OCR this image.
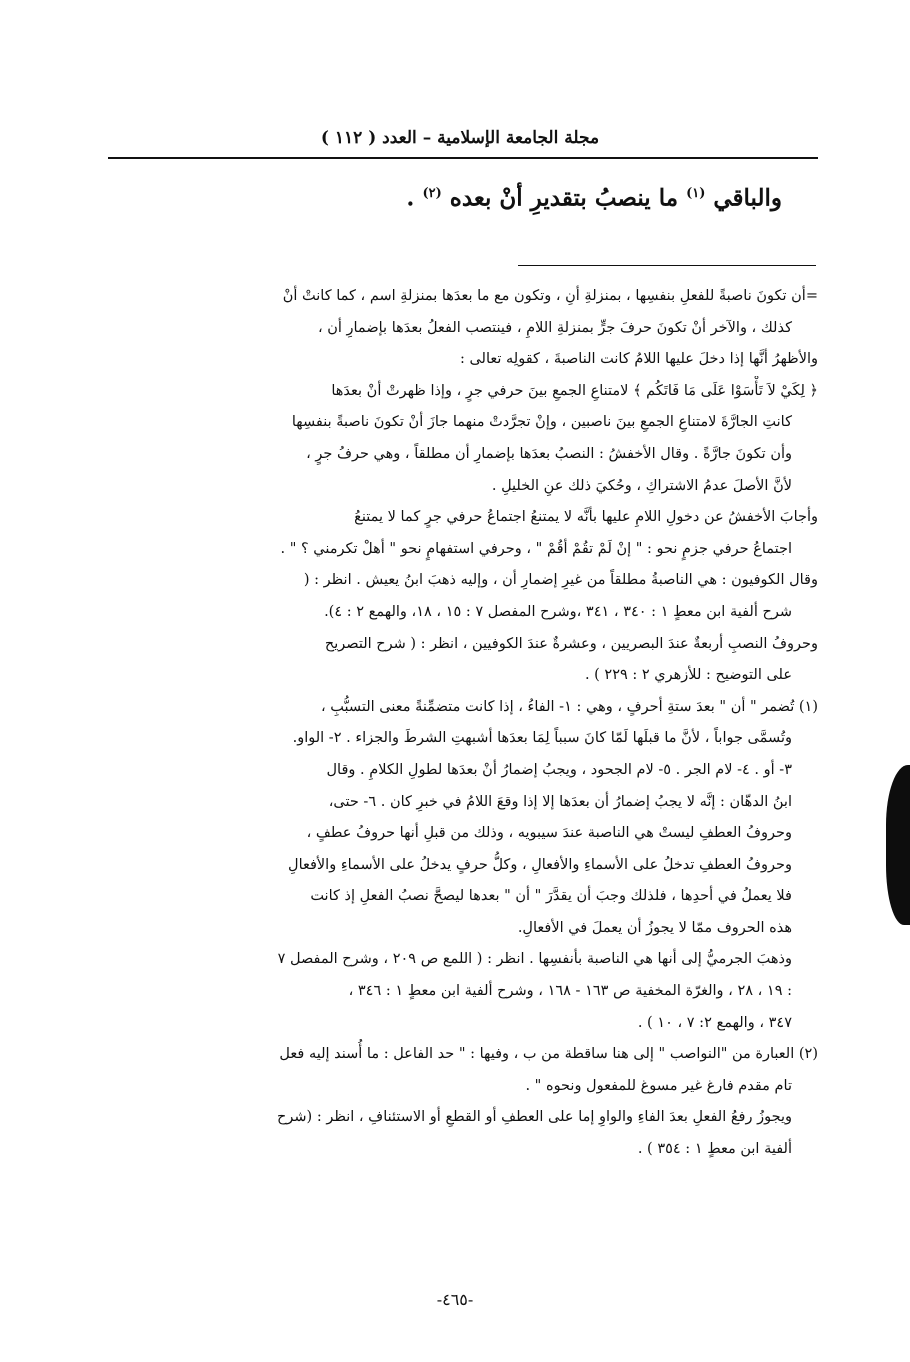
مجلة الجامعة الإسلامية – العدد ( ١١٢ )
والباقي $^{(١)}$ ما ينصبُ بتقديرِ أنْ بعده $^{(٢)}$ .
=أن تكونَ ناصبةً للفعلِ بنفسِها ، بمنزلةِ أنِ ، وتكون مع ما بعدَها بمنزلةِ اسم ، كما كانتْ أنْ
كذلك ، والآخر أنْ تكونَ حرفَ جرٍّ بمنزلةِ اللامِ ، فينتصب الفعلُ بعدَها بإضمارِ أن ،
والأظهرُ أنَّها إذا دخلَ عليها اللامُ كانت الناصبةَ ، كقولِه تعالى :
﴿ لِكَيْ لاَ تَأْسَوْا عَلَى مَا فَاتَكُم ﴾ لامتناعِ الجمعِ بينَ حرفي جرٍ ، وإذا ظهرتْ أنْ بعدَها
كانتِ الجارَّةَ لامتناعِ الجمعِ بينَ ناصبين ، وإنْ تجرَّدتْ منهما جازَ أنْ تكونَ ناصبةً بنفسِها
وأن تكونَ جارَّةً . وقال الأخفشُ : النصبُ بعدَها بإضمارِ أن مطلقاً ، وهي حرفُ جرٍ ،
لأنَّ الأصلَ عدمُ الاشتراكِ ، وحُكيَ ذلك عنِ الخليلِ .
وأجابَ الأخفشُ عن دخولِ اللامِ عليها بأنَّه لا يمتنعُ اجتماعُ حرفي جرٍ كما لا يمتنعُ
اجتماعُ حرفي جزمٍ نحو : " إنْ لَمْ تقُمْ أقُمْ " ، وحرفي استفهامٍ نحو " أهلْ تكرمني ؟ " .
وقال الكوفيون : هي الناصبةُ مطلقاً من غيرِ إضمارِ أن ، وإليه ذهبَ ابنُ يعيش . انظر : (
شرح ألفية ابن معطٍ ١ : ٣٤٠ ، ٣٤١ ،وشرح المفصل ٧ : ١٥ ، ١٨، والهمع ٢ : ٤).
وحروفُ النصبِ أربعةٌ عندَ البصريين ، وعشرةٌ عندَ الكوفيين ، انظر : ( شرح التصريح
على التوضيح : للأزهري ٢ : ٢٢٩ ) .
(١) تُضمر " أن " بعدَ ستةِ أحرفٍ ، وهي : ١- الفاءُ ، إذا كانت متضمِّنةً معنى التسبُّبِ ،
وتُسمَّى جواباً ، لأنَّ ما قبلَها لَمّا كانَ سبباً لِمَا بعدَها أشبهتِ الشرطَ والجزاء . ٢- الواو.
٣- أو . ٤- لام الجر . ٥- لام الجحود ، ويجبُ إضمارُ أنْ بعدَها لطولِ الكلامِ . وقال
ابنُ الدهّان : إنَّه لا يجبُ إضمارُ أن بعدَها إلا إذا وقعَ اللامُ في خبرِ كان . ٦- حتى،
وحروفُ العطفِ ليستْ هي الناصبة عندَ سيبويه ، وذلك من قبلِ أنها حروفُ عطفٍ ،
وحروفُ العطفِ تدخلُ على الأسماءِ والأفعالِ ، وكلُّ حرفٍ يدخلُ على الأسماءِ والأفعالِ
فلا يعملُ في أحدِها ، فلذلك وجبَ أن يقدَّرَ " أن " بعدها ليصحَّ نصبُ الفعلِ إذ كانت
هذه الحروف ممّا لا يجوزُ أن يعملَ في الأفعالِ.
وذهبَ الجرميُّ إلى أنها هي الناصبة بأنفسِها . انظر : ( اللمع ص ٢٠٩ ، وشرح المفصل ٧
: ١٩ ، ٢٨ ، والغرّة المخفية ص ١٦٣ - ١٦٨ ، وشرح ألفية ابن معطٍ ١ : ٣٤٦ ،
٣٤٧ ، والهمع ٢: ٧ ، ١٠ ) .
(٢) العبارة من "النواصب " إلى هنا ساقطة من ب ، وفيها : " حد الفاعل : ما أُسند إليه فعل
تام مقدم فارغ غير مسوغ للمفعول ونحوه " .
ويجوزُ رفعُ الفعلِ بعدَ الفاءِ والواوِ إما على العطفِ أو القطعِ أو الاستئنافِ ، انظر : (شرح
ألفية ابن معطٍ ١ : ٣٥٤ ) .
-٤٦٥-
